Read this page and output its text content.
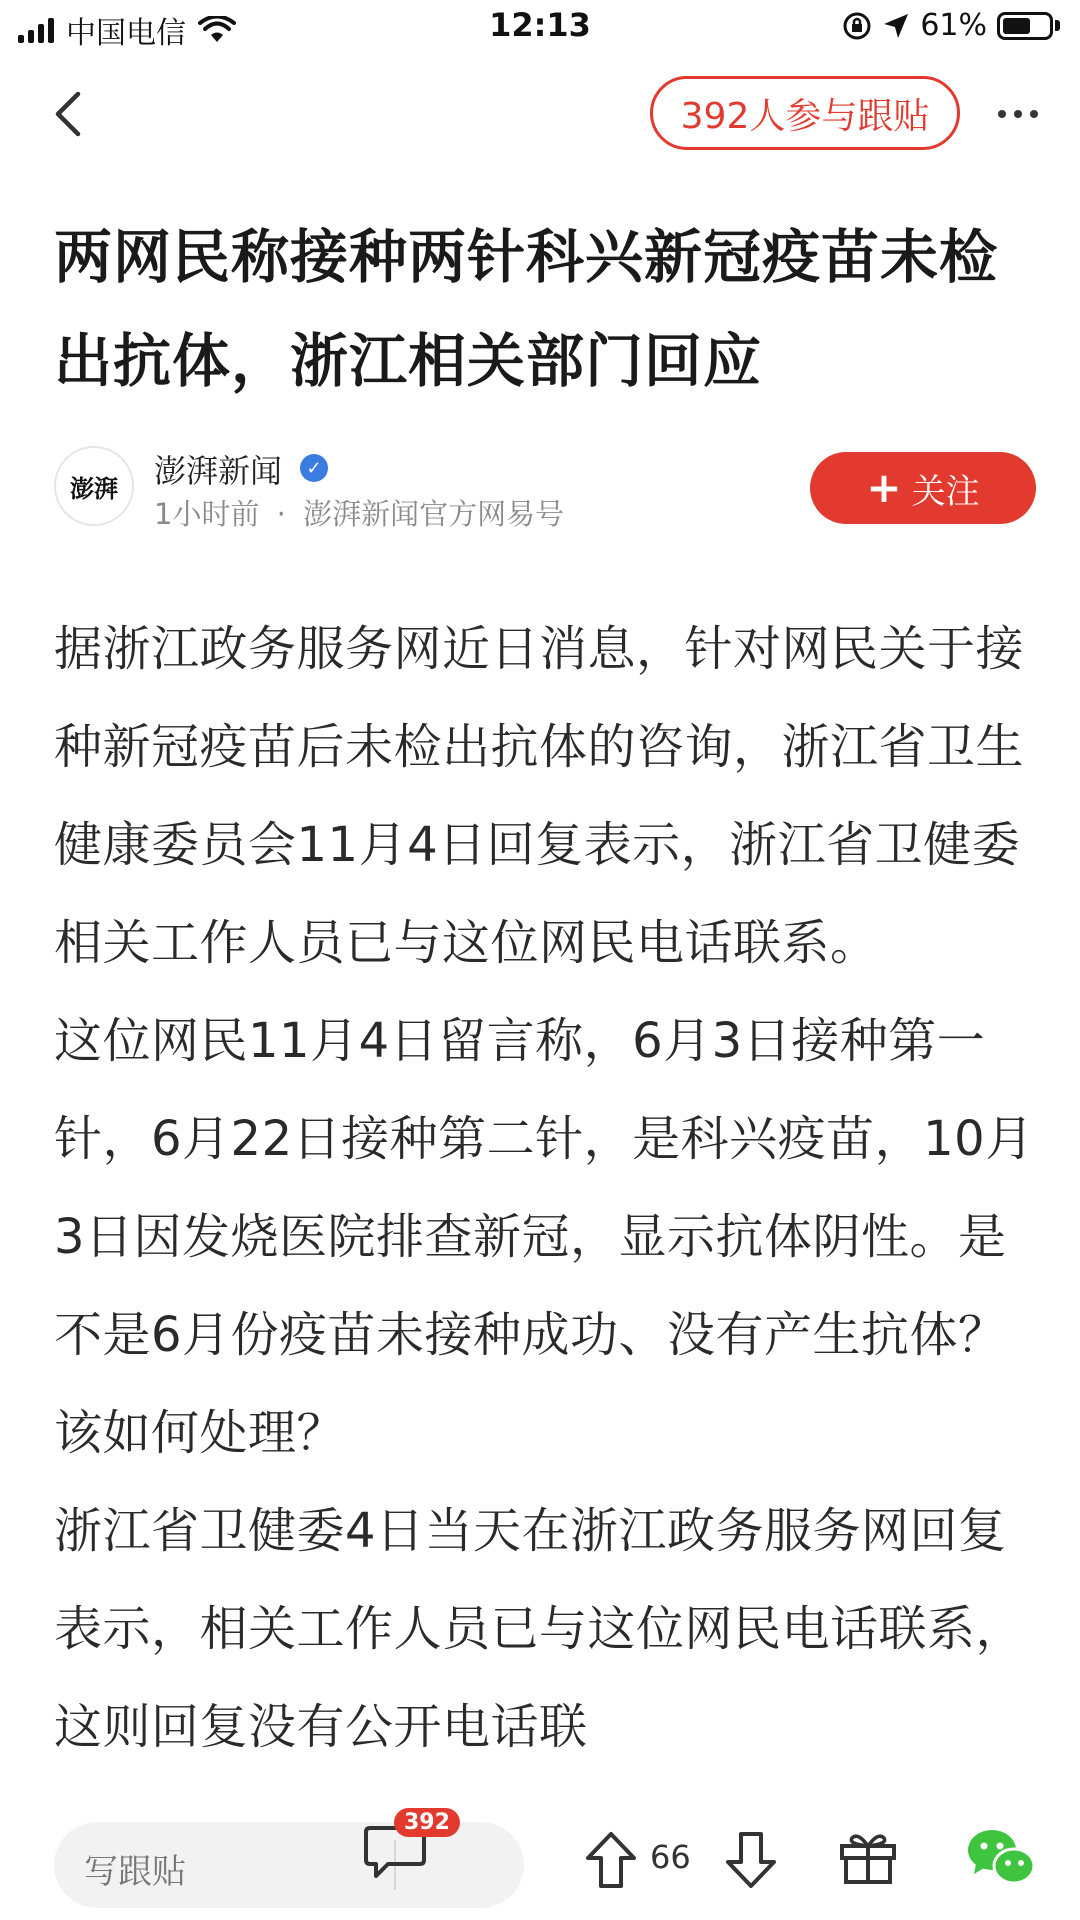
中国电信	12:13	61%
392人参与跟贴
两网民称接种两针科兴新冠疫苗未检出抗体，浙江相关部门回应
澎湃 澎湃新闻	✓
1小时前 · 澎湃新闻官方网易号
+ 关注

据浙江政务服务网近日消息，针对网民关于接种新冠疫苗后未检出抗体的咨询，浙江省卫生健康委员会11月4日回复表示，浙江省卫健委相关工作人员已与这位网民电话联系。

这位网民11月4日留言称，6月3日接种第一针，6月22日接种第二针，是科兴疫苗，10月3日因发烧医院排查新冠，显示抗体阴性。是不是6月份疫苗未接种成功、没有产生抗体？该如何处理？

浙江省卫健委4日当天在浙江政务服务网回复表示，相关工作人员已与这位网民电话联系，这则回复没有公开电话联

写跟贴
392
66
